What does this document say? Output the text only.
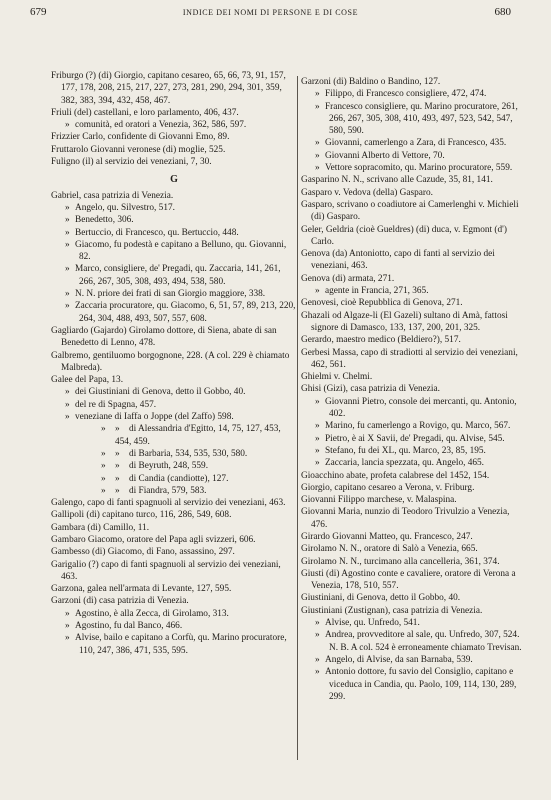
679	INDICE DEI NOMI DI PERSONE E DI COSE	680

Friburgo (?) (di) Giorgio, capitano cesareo, 65, 66, 73, 91, 157, 177, 178, 208, 215, 217, 227, 273, 281, 290, 294, 301, 359, 382, 383, 394, 432, 458, 467.

Friuli (del) castellani, e loro parlamento, 406, 437.

» comunità, ed oratori a Venezia, 362, 586, 597.

Frizzier Carlo, confidente di Giovanni Emo, 89.

Fruttarolo Giovanni veronese (di) moglie, 525.

Fuligno (il) al servizio dei veneziani, 7, 30.

G

Gabriel, casa patrizia di Venezia.

» Angelo, qu. Silvestro, 517.

» Benedetto, 306.

» Bertuccio, di Francesco, qu. Bertuccio, 448.

» Giacomo, fu podestà e capitano a Belluno, qu. Giovanni, 82.

» Marco, consigliere, de' Pregadi, qu. Zaccaria, 141, 261, 266, 267, 305, 308, 493, 494, 538, 580.

» N. N. priore dei frati di san Giorgio maggiore, 338.

» Zaccaria procuratore, qu. Giacomo, 6, 51, 57, 89, 213, 220, 264, 304, 488, 493, 507, 557, 608.

Gagliardo (Gajardo) Girolamo dottore, di Siena, abate di san Benedetto di Lenno, 478.

Galbremo, gentiluomo borgognone, 228. (A col. 229 è chiamato Malbreda).

Galee del Papa, 13.

» dei Giustiniani di Genova, detto il Gobbo, 40.

» del re di Spagna, 457.

» veneziane di Iaffa o Joppe (del Zaffo) 598.

» » di Alessandria d'Egitto, 14, 75, 127, 453, 454, 459.

» » di Barbaria, 534, 535, 530, 580.

» » di Beyruth, 248, 559.

» » di Candia (candiotte), 127.

» » di Fiandra, 579, 583.

Galengo, capo di fanti spagnuoli al servizio dei veneziani, 463.

Gallipoli (di) capitano turco, 116, 286, 549, 608.

Gambara (di) Camillo, 11.

Gambaro Giacomo, oratore del Papa agli svizzeri, 606.

Gambesso (di) Giacomo, di Fano, assassino, 297.

Garigalio (?) capo di fanti spagnuoli al servizio dei veneziani, 463.

Garzona, galea nell'armata di Levante, 127, 595.

Garzoni (di) casa patrizia di Venezia.

» Agostino, è alla Zecca, di Girolamo, 313.

» Agostino, fu dal Banco, 466.

» Alvise, bailo e capitano a Corfù, qu. Marino procuratore, 110, 247, 386, 471, 535, 595.

Garzoni (di) Baldino o Bandino, 127.

» Filippo, di Francesco consigliere, 472, 474.

» Francesco consigliere, qu. Marino procuratore, 261, 266, 267, 305, 308, 410, 493, 497, 523, 542, 547, 580, 590.

» Giovanni, camerlengo a Zara, di Francesco, 435.

» Giovanni Alberto di Vettore, 70.

» Vettore sopracomito, qu. Marino procuratore, 559.

Gasparino N. N., scrivano alle Cazude, 35, 81, 141.

Gasparo v. Vedova (della) Gasparo.

Gasparo, scrivano o coadiutore ai Camerlenghi v. Michieli (di) Gasparo.

Geler, Geldria (cioè Gueldres) (di) duca, v. Egmont (d') Carlo.

Genova (da) Antoniotto, capo di fanti al servizio dei veneziani, 463.

Genova (di) armata, 271.

» agente in Francia, 271, 365.

Genovesi, cioè Repubblica di Genova, 271.

Ghazali od Algaze-li (El Gazeli) sultano di Amà, fattosi signore di Damasco, 133, 137, 200, 201, 325.

Gerardo, maestro medico (Beldiero?), 517.

Gerbesi Massa, capo di stradiotti al servizio dei veneziani, 462, 561.

Ghielmi v. Chelmi.

Ghisi (Gizi), casa patrizia di Venezia.

» Giovanni Pietro, console dei mercanti, qu. Antonio, 402.

» Marino, fu camerlengo a Rovigo, qu. Marco, 567.

» Pietro, è ai X Savii, de' Pregadi, qu. Alvise, 545.

» Stefano, fu dei XL, qu. Marco, 23, 85, 195.

» Zaccaria, lancia spezzata, qu. Angelo, 465.

Gioacchino abate, profeta calabrese del 1452, 154.

Giorgio, capitano cesareo a Verona, v. Friburg.

Giovanni Filippo marchese, v. Malaspina.

Giovanni Maria, nunzio di Teodoro Trivulzio a Venezia, 476.

Girardo Giovanni Matteo, qu. Francesco, 247.

Girolamo N. N., oratore di Salò a Venezia, 665.

Girolamo N. N., turcimano alla cancelleria, 361, 374.

Giusti (di) Agostino conte e cavaliere, oratore di Verona a Venezia, 178, 510, 557.

Giustiniani, di Genova, detto il Gobbo, 40.

Giustiniani (Zustignan), casa patrizia di Venezia.

» Alvise, qu. Unfredo, 541.

» Andrea, provveditore al sale, qu. Unfredo, 307, 524. N. B. A col. 524 è erroneamente chiamato Trevisan.

» Angelo, di Alvise, da san Barnaba, 539.

» Antonio dottore, fu savio del Consiglio, capitano e viceduca in Candia, qu. Paolo, 109, 114, 130, 289, 299.
